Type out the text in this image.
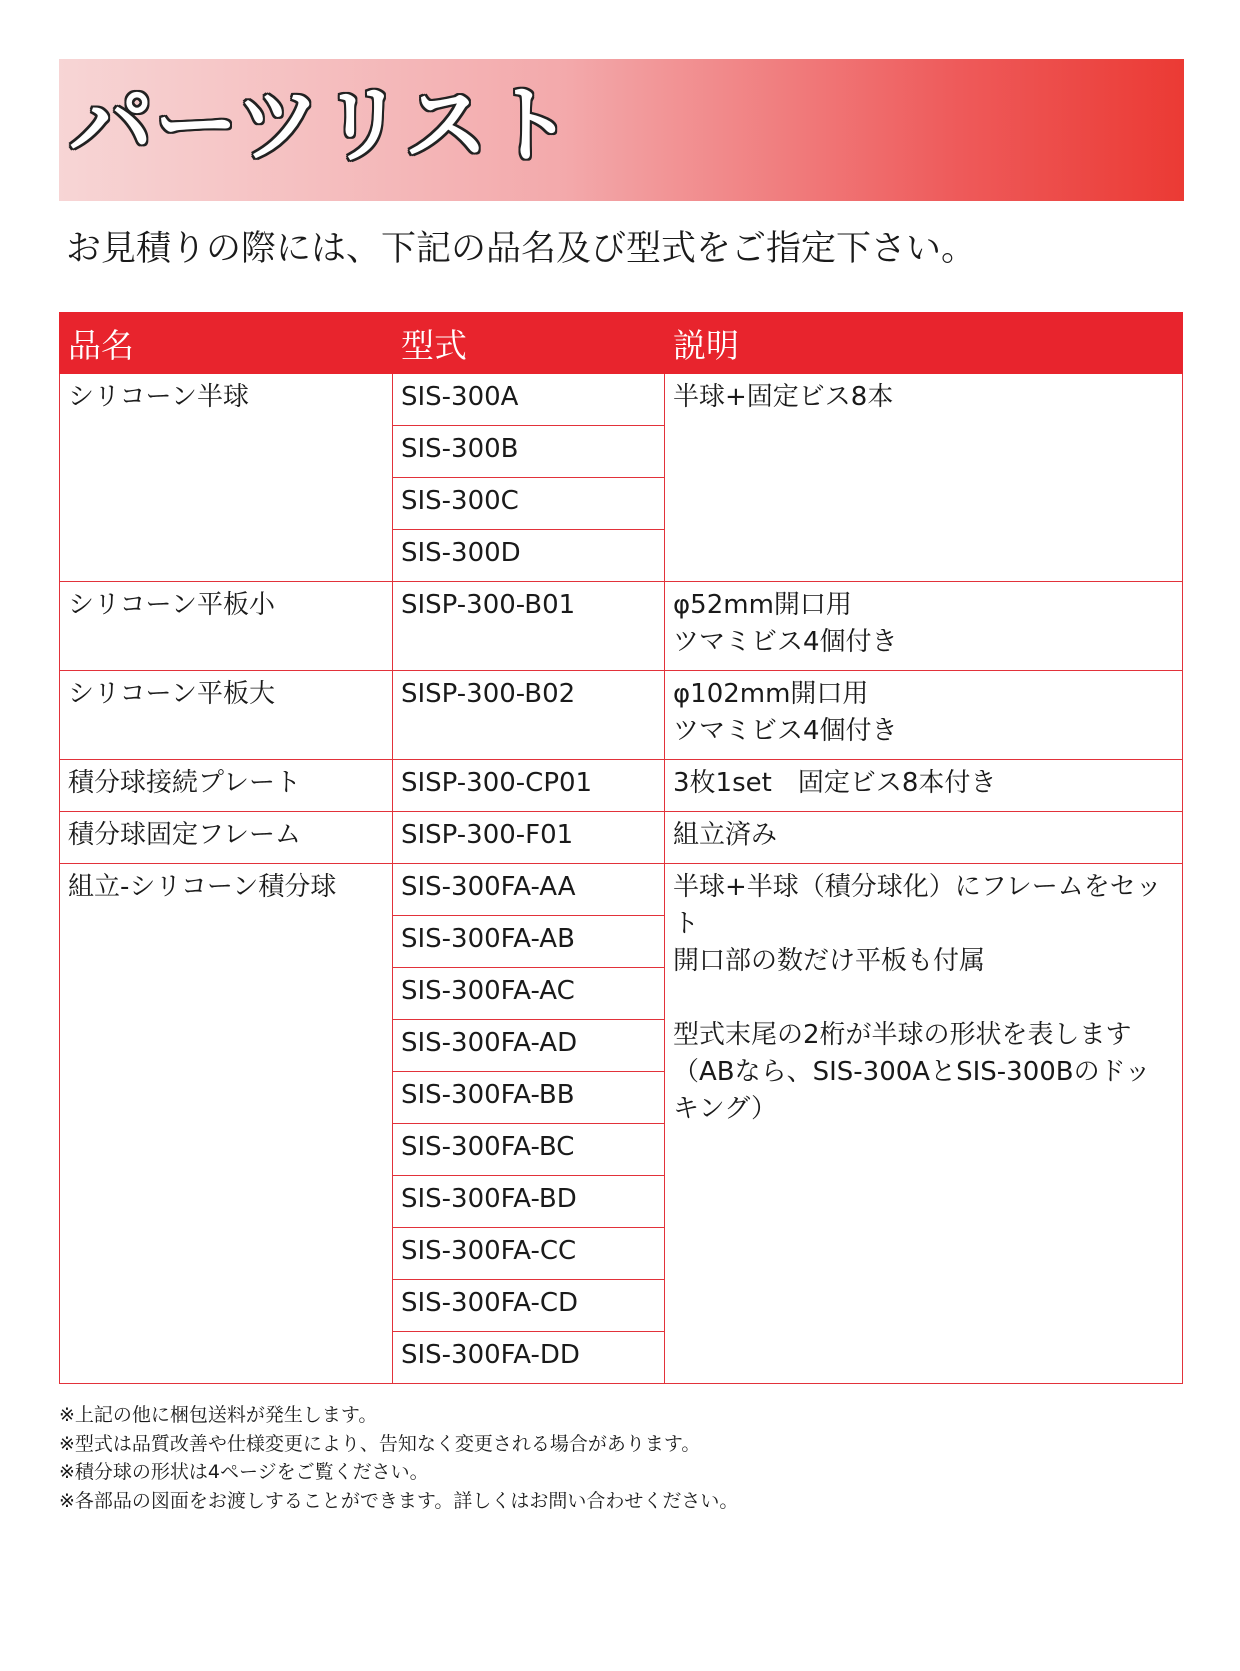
パーツリスト
お見積りの際には、下記の品名及び型式をご指定下さい。
品名	型式	説明
シリコーン半球	SIS-300A	半球+固定ビス8本

	SIS-300B	
	SIS-300C	
	SIS-300D	
シリコーン平板小	SISP-300-B01	φ52mm開口用
ツマミビス4個付き

シリコーン平板大	SISP-300-B02	φ102mm開口用
ツマミビス4個付き

積分球接続プレート	SISP-300-CP01	3枚1set　固定ビス8本付き

積分球固定フレーム	SISP-300-F01	組立済み

組立-シリコーン積分球	SIS-300FA-AA	半球+半球（積分球化）にフレームをセット
開口部の数だけ平板も付属
型式末尾の2桁が半球の形状を表します
（ABなら、SIS-300AとSIS-300Bのドッキング）

	SIS-300FA-AB	
	SIS-300FA-AC	
	SIS-300FA-AD	
	SIS-300FA-BB	
	SIS-300FA-BC	
	SIS-300FA-BD	
	SIS-300FA-CC	
	SIS-300FA-CD	
	SIS-300FA-DD	
※上記の他に梱包送料が発生します。
※型式は品質改善や仕様変更により、告知なく変更される場合があります。
※積分球の形状は4ページをご覧ください。
※各部品の図面をお渡しすることができます。詳しくはお問い合わせください。
